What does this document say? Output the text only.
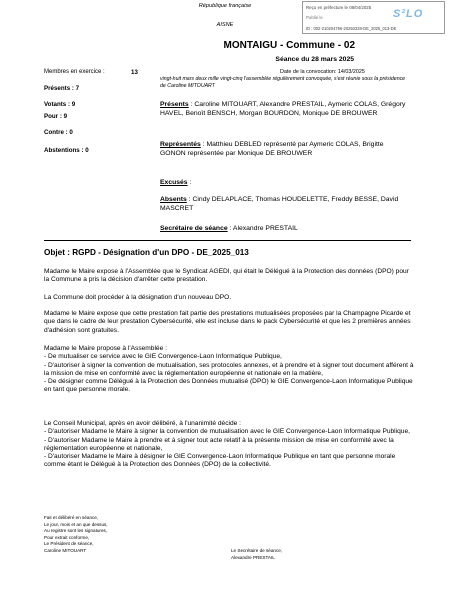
République française
AISNE
Reçu en préfecture le 08/04/2025
Publié le
ID : 002-210204756-20250328-DE_2025_013-DE
S²LO
MONTAIGU - Commune - 02
Séance du 28 mars 2025
Membres en exercice :	13
Présents : 7
Votants : 9
Pour : 9
Contre : 0
Abstentions : 0
Date de la convocation: 14/03/2025
vingt-huit mars deux mille vingt-cinq l'assemblée régulièrement convoquée, s'est réunie sous la présidence de Caroline MITOUART
Présents : Caroline MITOUART, Alexandre PRESTAIL, Aymeric COLAS, Grégory HAVEL, Benoît BENSCH, Morgan BOURDON, Monique DE BROUWER
Représentés : Matthieu DEBLED représenté par Aymeric COLAS, Brigitte GONON représentée par Monique DE BROUWER
Excusés :
Absents : Cindy DELAPLACE, Thomas HOUDELETTE, Freddy BESSE, David MASCRET
Secrétaire de séance : Alexandre PRESTAIL
Objet : RGPD - Désignation d'un DPO - DE_2025_013
Madame le Maire expose à l'Assemblée que le Syndicat AGEDI, qui était le Délégué à la Protection des données (DPO) pour la Commune a pris la décision d'arrêter cette prestation.
La Commune doit procéder à la désignation d'un nouveau DPO.
Madame le Maire expose que cette prestation fait partie des prestations mutualisées proposées par la Champagne Picarde et que dans le cadre de leur prestation Cybersécurité, elle est incluse dans le pack Cybersécurité et que les 2 premières années d'adhésion sont gratuites.
Madame le Maire propose à l'Assemblée :
- De mutualiser ce service avec le GIE Convergence-Laon Informatique Publique,
- D'autoriser à signer la convention de mutualisation, ses protocoles annexes, et à prendre et à signer tout document afférent à la mission de mise en conformité avec la réglementation européenne et nationale en la matière,
- De désigner comme Délégué à la Protection des Données mutualisé (DPO) le GIE Convergence-Laon Informatique Publique en tant que personne morale.
Le Conseil Municipal, après en avoir délibéré, à l'unanimité décide :
- D'autoriser Madame le Maire à signer la convention de mutualisation avec le GIE Convergence-Laon Informatique Publique,
- D'autoriser Madame le Maire à prendre et à signer tout acte relatif à la présente mission de mise en conformité avec la réglementation européenne et nationale,
- D'autoriser Madame le Maire à désigner le GIE Convergence-Laon Informatique Publique en tant que personne morale comme étant le Délégué à la Protection des Données (DPO) de la collectivité.
Fait et délibéré en séance,
Le jour, mois et an que dessus,
Au registre sont les signatures,
Pour extrait conforme,
Le Président de séance,
Caroline MITOUART	Le Secrétaire de séance,
Alexandre PRESTAIL
